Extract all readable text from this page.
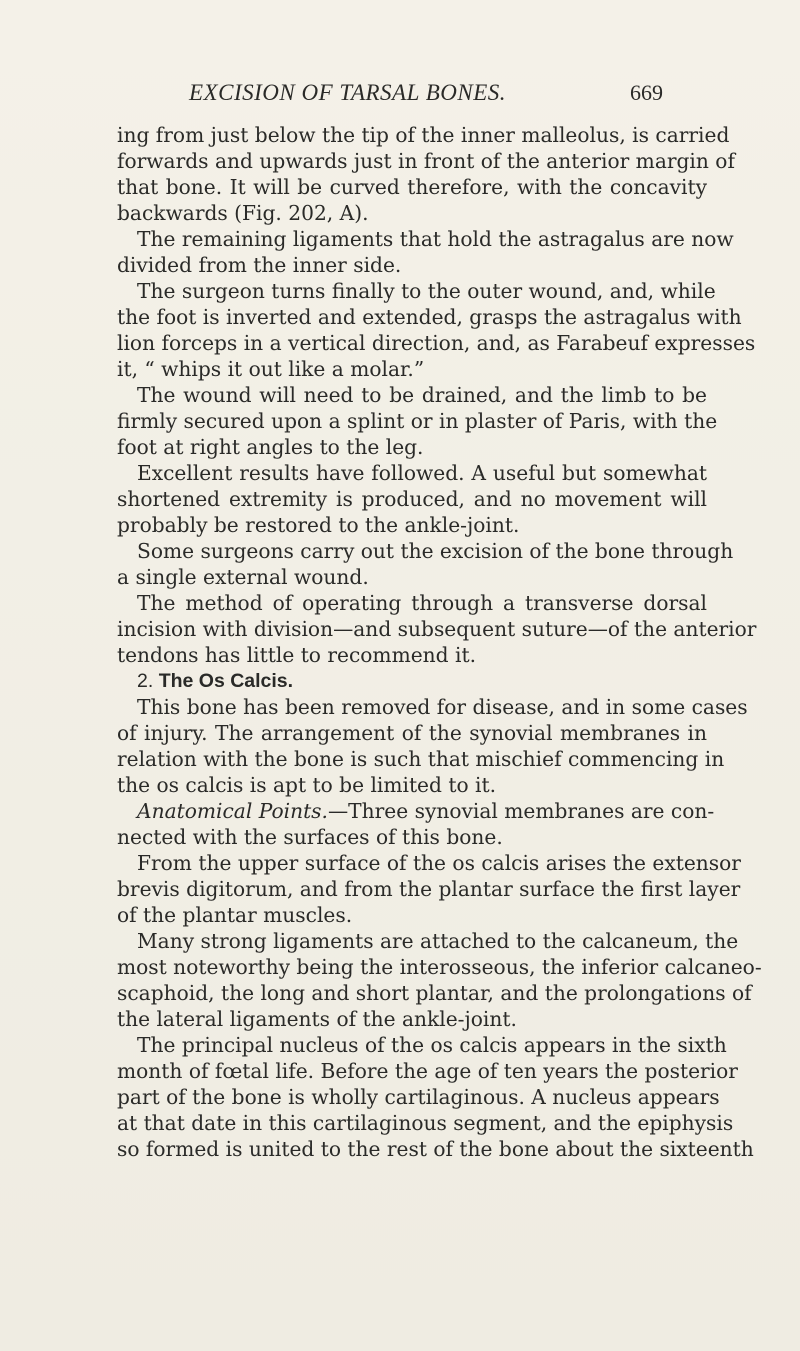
EXCISION OF TARSAL BONES.	669
ing from just below the tip of the inner malleolus, is carried
forwards and upwards just in front of the anterior margin of
that bone. It will be curved therefore, with the concavity
backwards (Fig. 202, A).
The remaining ligaments that hold the astragalus are now
divided from the inner side.
The surgeon turns finally to the outer wound, and, while
the foot is inverted and extended, grasps the astragalus with
lion forceps in a vertical direction, and, as Farabeuf expresses
it, “ whips it out like a molar.”
The wound will need to be drained, and the limb to be
firmly secured upon a splint or in plaster of Paris, with the
foot at right angles to the leg.
Excellent results have followed. A useful but somewhat
shortened extremity is produced, and no movement will
probably be restored to the ankle-joint.
Some surgeons carry out the excision of the bone through
a single external wound.
The method of operating through a transverse dorsal
incision with division—and subsequent suture—of the anterior
tendons has little to recommend it.
2. The Os Calcis.
This bone has been removed for disease, and in some cases
of injury. The arrangement of the synovial membranes in
relation with the bone is such that mischief commencing in
the os calcis is apt to be limited to it.
Anatomical Points.—Three synovial membranes are con-
nected with the surfaces of this bone.
From the upper surface of the os calcis arises the extensor
brevis digitorum, and from the plantar surface the first layer
of the plantar muscles.
Many strong ligaments are attached to the calcaneum, the
most noteworthy being the interosseous, the inferior calcaneo-
scaphoid, the long and short plantar, and the prolongations of
the lateral ligaments of the ankle-joint.
The principal nucleus of the os calcis appears in the sixth
month of fœtal life. Before the age of ten years the posterior
part of the bone is wholly cartilaginous. A nucleus appears
at that date in this cartilaginous segment, and the epiphysis
so formed is united to the rest of the bone about the sixteenth
